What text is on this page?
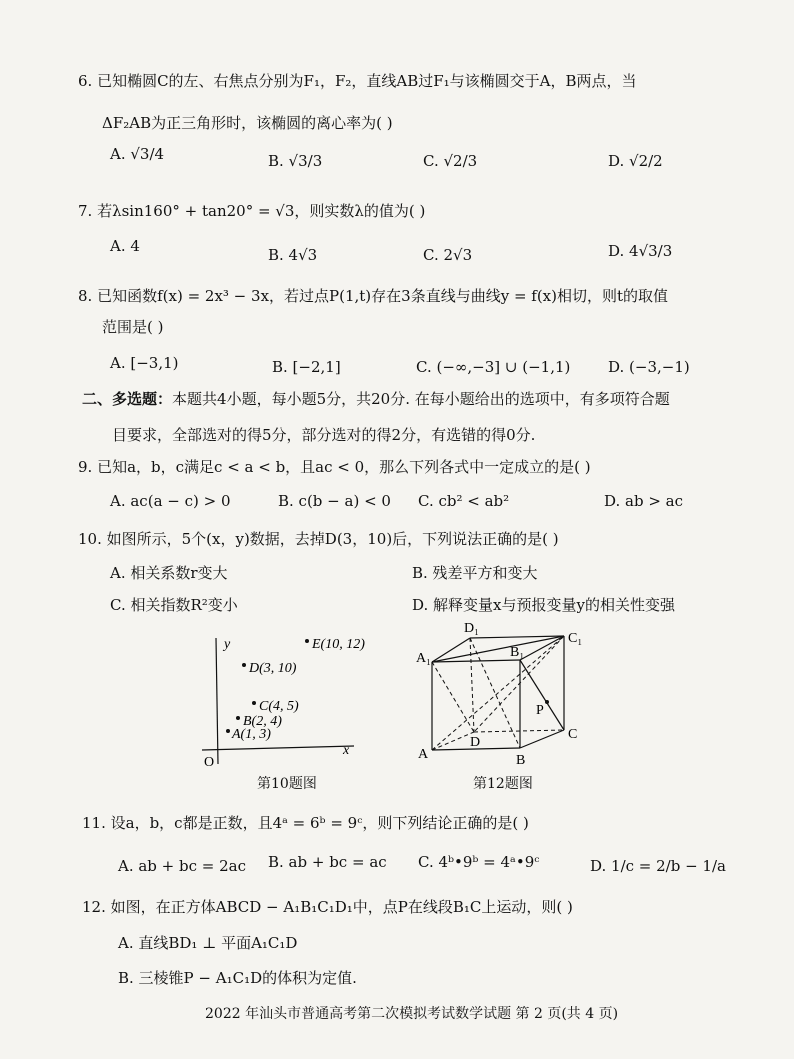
6. 已知椭圆C的左、右焦点分别为F₁，F₂，直线AB过F₁与该椭圆交于A，B两点，当
ΔF₂AB为正三角形时，该椭圆的离心率为( )
A. √3/4	B. √3/3	C. √2/3	D. √2/2
7. 若λsin160° + tan20° = √3，则实数λ的值为( )
A. 4	B. 4√3	C. 2√3	D. 4√3/3
8. 已知函数f(x) = 2x³ − 3x，若过点P(1,t)存在3条直线与曲线y = f(x)相切，则t的取值
范围是( )
A. [−3,1)	B. [−2,1]	C. (−∞,−3] ∪ (−1,1)	D. (−3,−1)
二、多选题：本题共4小题，每小题5分，共20分. 在每小题给出的选项中，有多项符合题
目要求，全部选对的得5分，部分选对的得2分，有选错的得0分.
9. 已知a，b，c满足c < a < b，且ac < 0，那么下列各式中一定成立的是( )
A. ac(a − c) > 0	B. c(b − a) < 0 C. cb² < ab²	D. ab > ac
10. 如图所示，5个(x，y)数据，去掉D(3，10)后，下列说法正确的是( )
A. 相关系数r变大	B. 残差平方和变大
C. 相关指数R²变小	D. 解释变量x与预报变量y的相关性变强
y
x
O
E(10, 12)
D(3, 10)
C(4, 5)
B(2, 4)
A(1, 3)
第10题图
A₁
D₁
B₁
C₁
P
D
C
A	B
第12题图
11. 设a，b，c都是正数，且4ᵃ = 6ᵇ = 9ᶜ，则下列结论正确的是( )
A. ab + bc = 2ac B. ab + bc = ac C. 4ᵇ•9ᵇ = 4ᵃ•9ᶜ	D. 1/c = 2/b − 1/a
12. 如图，在正方体ABCD − A₁B₁C₁D₁中，点P在线段B₁C上运动，则( )
A. 直线BD₁ ⊥ 平面A₁C₁D
B. 三棱锥P − A₁C₁D的体积为定值.
2022 年汕头市普通高考第二次模拟考试数学试题 第 2 页(共 4 页)
